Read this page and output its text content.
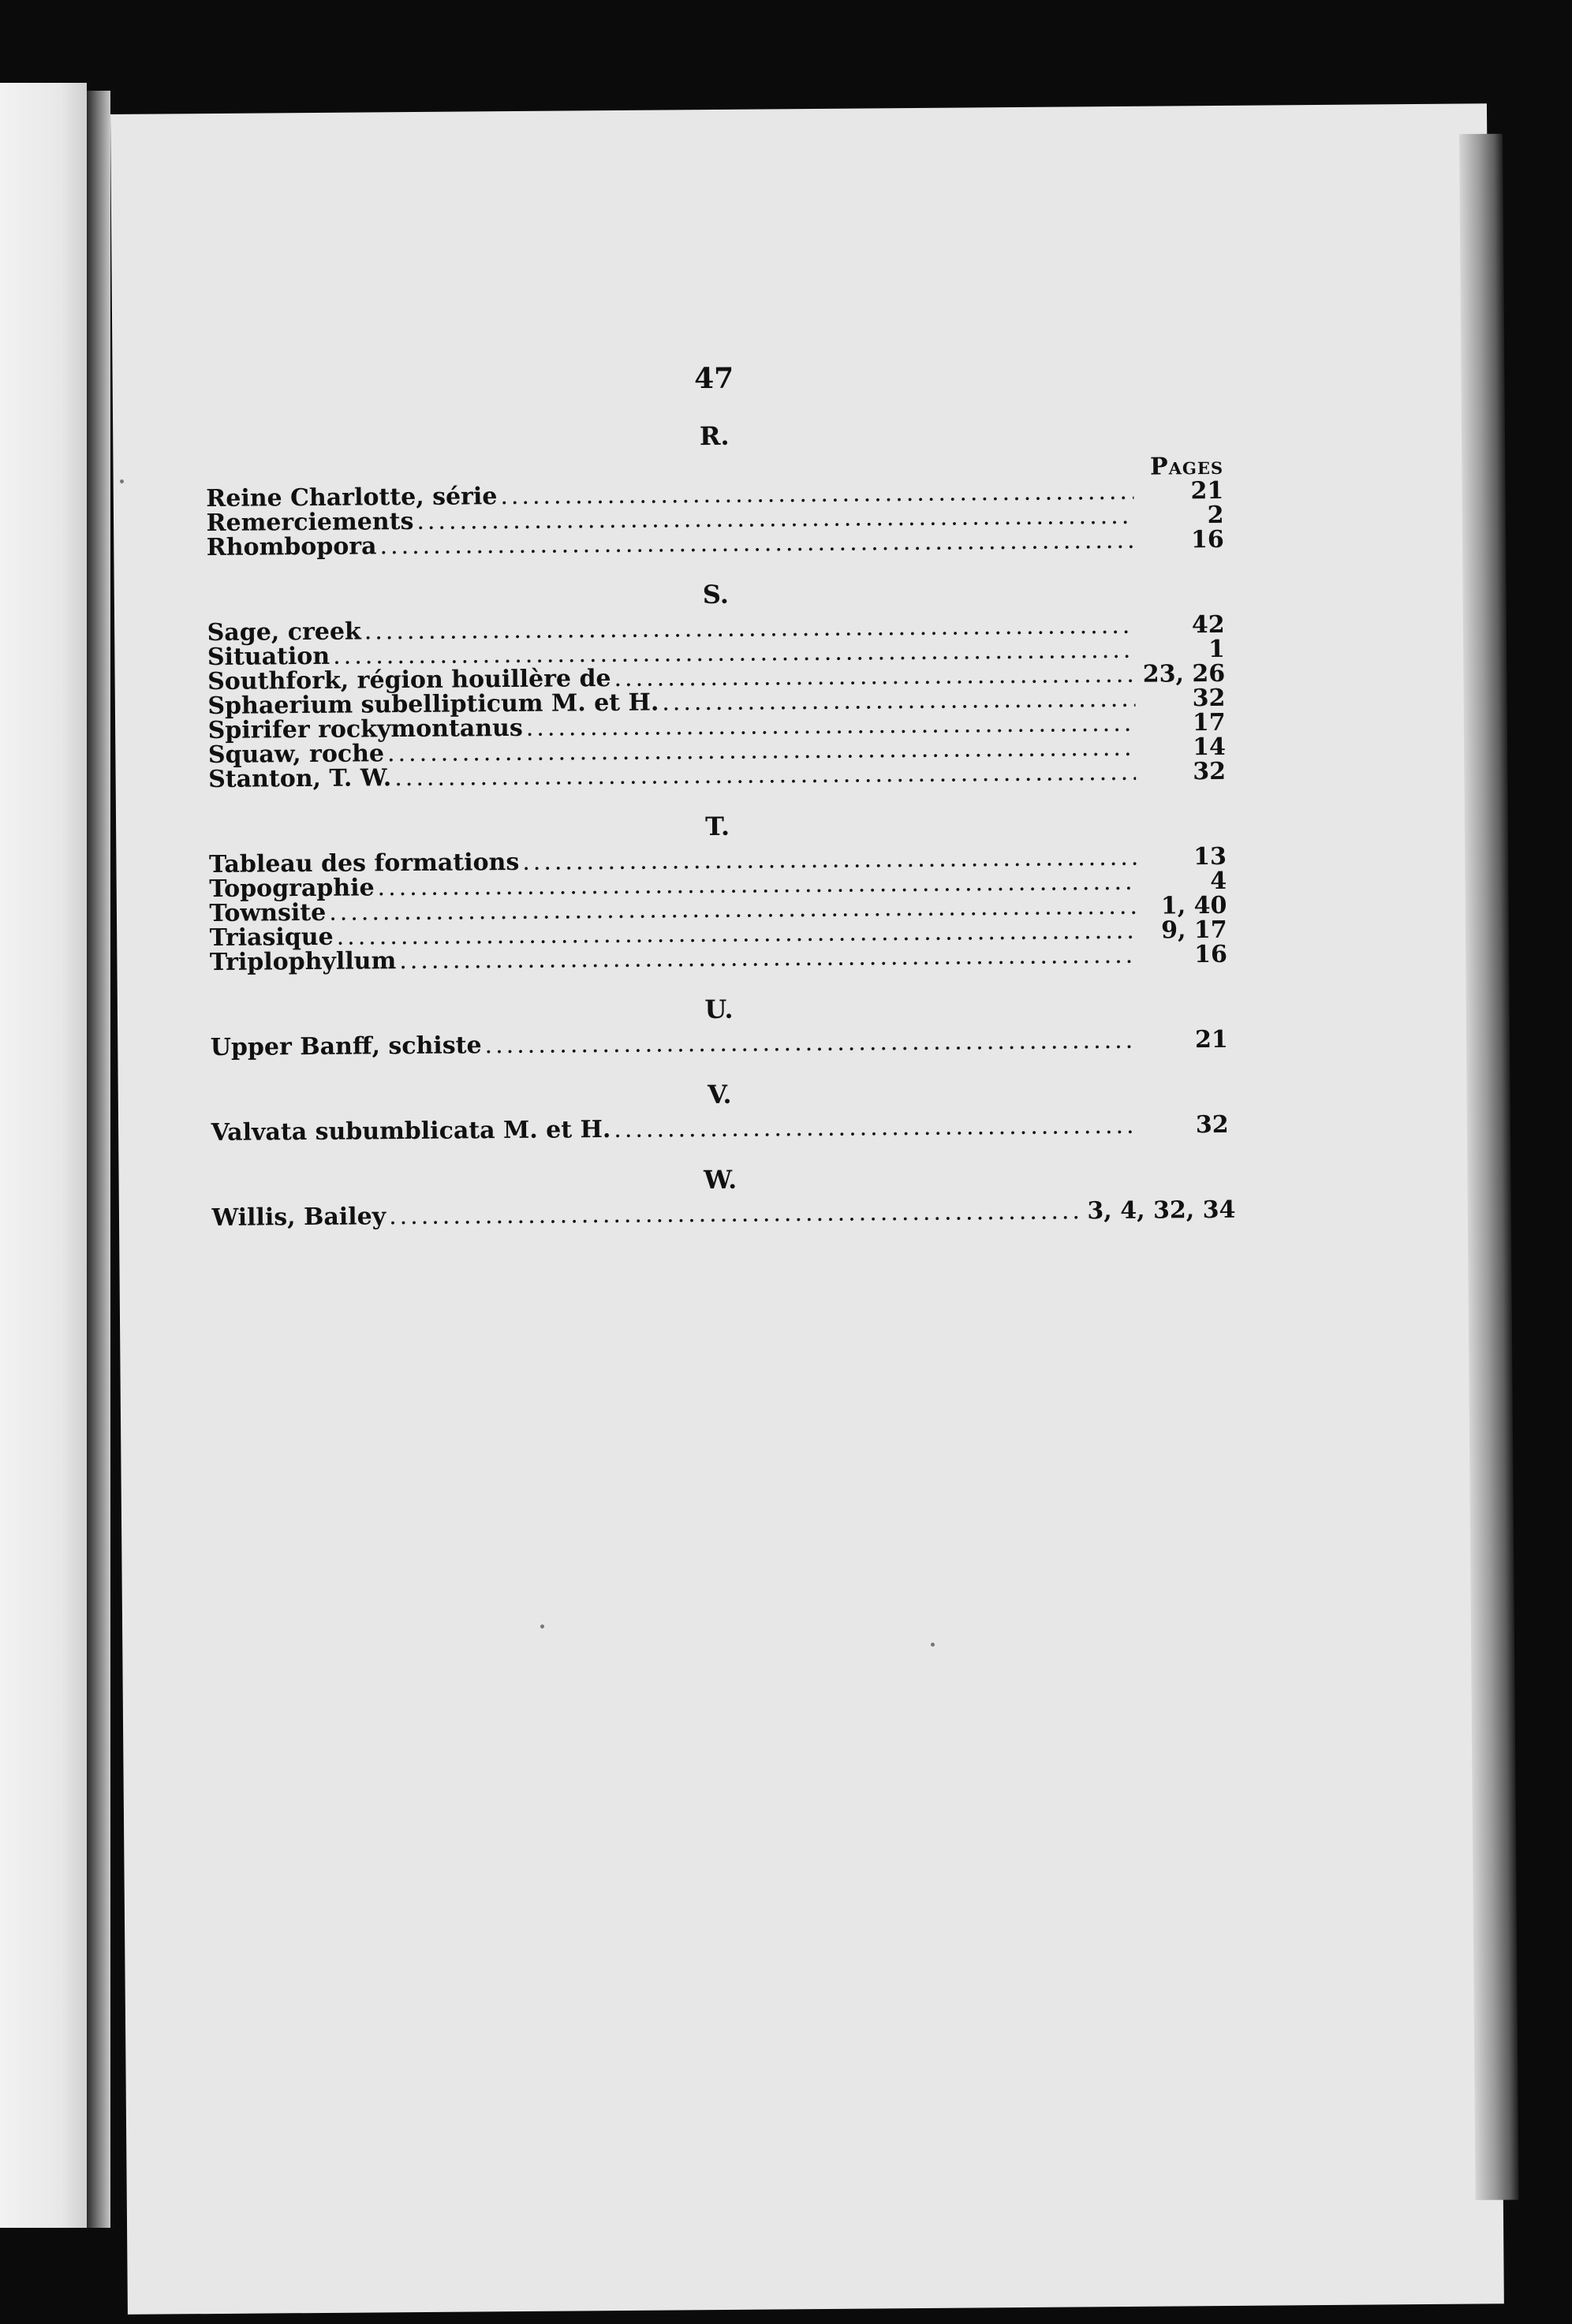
47
R.
Pages
Reine Charlotte, série .....	21
Remerciements .....	2
Rhombopora .....	16
S.
Sage, creek .....	42
Situation .....	1
Southfork, région houillère de .....	23, 26
Sphaerium subellipticum M. et H. .....	32
Spirifer rockymontanus .....	17
Squaw, roche .....	14
Stanton, T. W. .....	32
T.
Tableau des formations .....	13
Topographie .....	4
Townsite .....	1, 40
Triasique .....	9, 17
Triplophyllum .....	16
U.
Upper Banff, schiste .....	21
V.
Valvata subumblicata M. et H. .....	32
W.
Willis, Bailey .....	3, 4, 32, 34
